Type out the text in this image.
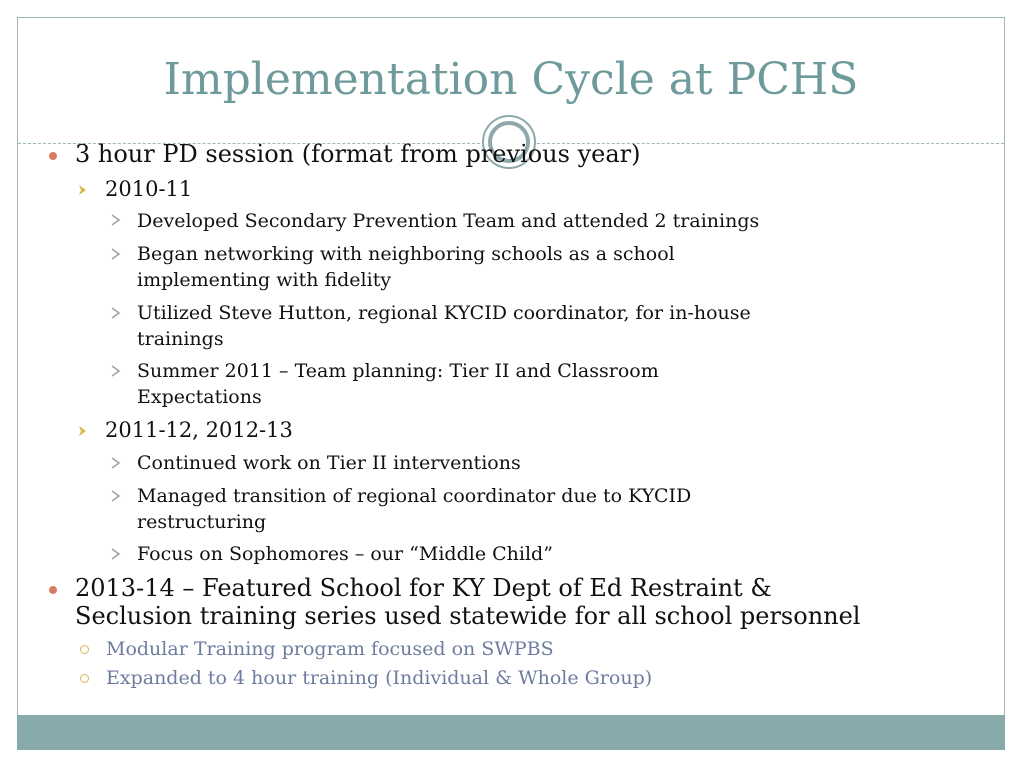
Implementation Cycle at PCHS
3 hour PD session (format from previous year)
2010-11
Developed Secondary Prevention Team and attended 2 trainings
Began networking with neighboring schools as a school
implementing with fidelity
Utilized Steve Hutton, regional KYCID coordinator, for in-house
trainings
Summer 2011 – Team planning: Tier II and Classroom
Expectations
2011-12, 2012-13
Continued work on Tier II interventions
Managed transition of regional coordinator due to KYCID
restructuring
Focus on Sophomores – our “Middle Child”
2013-14 – Featured School for KY Dept of Ed Restraint &
Seclusion training series used statewide for all school personnel
Modular Training program focused on SWPBS
Expanded to 4 hour training (Individual & Whole Group)
